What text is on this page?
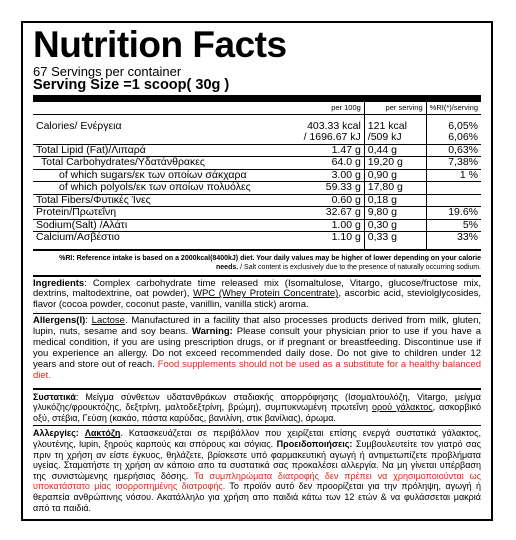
Nutrition Facts
67 Servings per container
Serving Size =1 scoop( 30g )
	per 100g	per serving	%RI(*)/serving

Calories/ Ενέργεια	403.33 kcal	121 kcal	6,05%
	/ 1696.67 kJ	/509 kJ	6,06%
Total Lipid (Fat)/Λιπαρά	1.47 g	0,44 g	0,63%
Total Carbohydrates/Υδατάνθρακες	64.0 g	19,20 g	7,38%
of which sugars/εκ των οποίων σάκχαρα	3.00 g	0,90 g	1 %
of which polyols/εκ των οποίων πολυόλες	59.33 g	17,80 g	
Total Fibers/Φυτικές Ίνες	0.60 g	0,18 g	
Protein/Πρωτεΐνη	32.67 g	9,80 g	19.6%
Sodium(Salt) /Αλάτι	1.00 g	0,30 g	5%
Calcium/Ασβέστιο	1.10 g	0,33 g	33%

%RI: Reference intake is based on a 2000kcal(8400kJ) diet. Your daily values may be higher of lower depending on your calorie
needs. / Salt content is exclusively due to the presence of naturally occurring sodium.
Ingredients: Complex carbohydrate time released mix (Isomaltulose, Vitargo, glucose/fructose mix, dextrins, maltodextrine, oat powder), WPC (Whey Protein Concentrate), ascorbic acid, steviolglycosides, flavor (cocoa powder, coconut paste, vanillin, vanilla stick) aroma.
Allergens(I): Lactose. Manufactured in a facility that also processes products derived from milk, gluten, lupin, nuts, sesame and soy beans. Warning: Please consult your physician prior to use if you have a medical condition, if you are using prescription drugs, or if pregnant or breastfeeding. Discontinue use if you experience an allergy. Do not exceed recommended daily dose. Do not give to children under 12 years and store out of reach. Food supplements should not be used as a substitute for a healthy balanced diet.
Συστατικά: Μείγμα σύνθετων υδατανθράκων σταδιακής απορρόφησης (Ισομαλτουλόζη, Vitargo, μείγμα γλυκόζης/φρουκτόζης, δεξτρίνη, μαλτοδεξτρίνη, βρώμη), συμπυκνωμένη πρωτεΐνη ορού γάλακτος, ασκορβικό οξύ, στέβια, Γεύση (κακάο, πάστα καρύδας, βανιλίνη, στικ βανίλιας), άρωμα.
Αλλεργίες: Λακτόζη. Κατασκευάζεται σε περιβάλλον που χειρίζεται επίσης ενεργά συστατικά γάλακτος, γλουτένης, lupin, ξηρούς καρπούς και σπόρους και σόγιας. Προειδοποιήσεις: Συμβουλευτείτε τον γιατρό σας πριν τη χρήση αν είστε έγκυος, θηλάζετε, βρίσκεστε υπό φαρμακευτική αγωγή ή αντιμετωπίζετε προβλήματα υγείας. Σταματήστε τη χρήση αν κάποιο απο τα συστατικά σας προκαλέσει αλλεργία. Να μη γίνεται υπέρβαση της συνιστώμενης ημερήσιας δόσης. Τα συμπληρώματα διατροφής δεν πρέπει να χρησιμοποιούνται ως υποκατάστατο μίας ισορροπημένης διατροφής. Το προϊόν αυτό δεν προορίζεται για την πρόληψη, αγωγή ή θεραπεία ανθρώπινης νόσου. Ακατάλληλο για χρήση απο παιδιά κάτω των 12 ετών & να φυλάσσεται μακριά από τα παιδιά.
